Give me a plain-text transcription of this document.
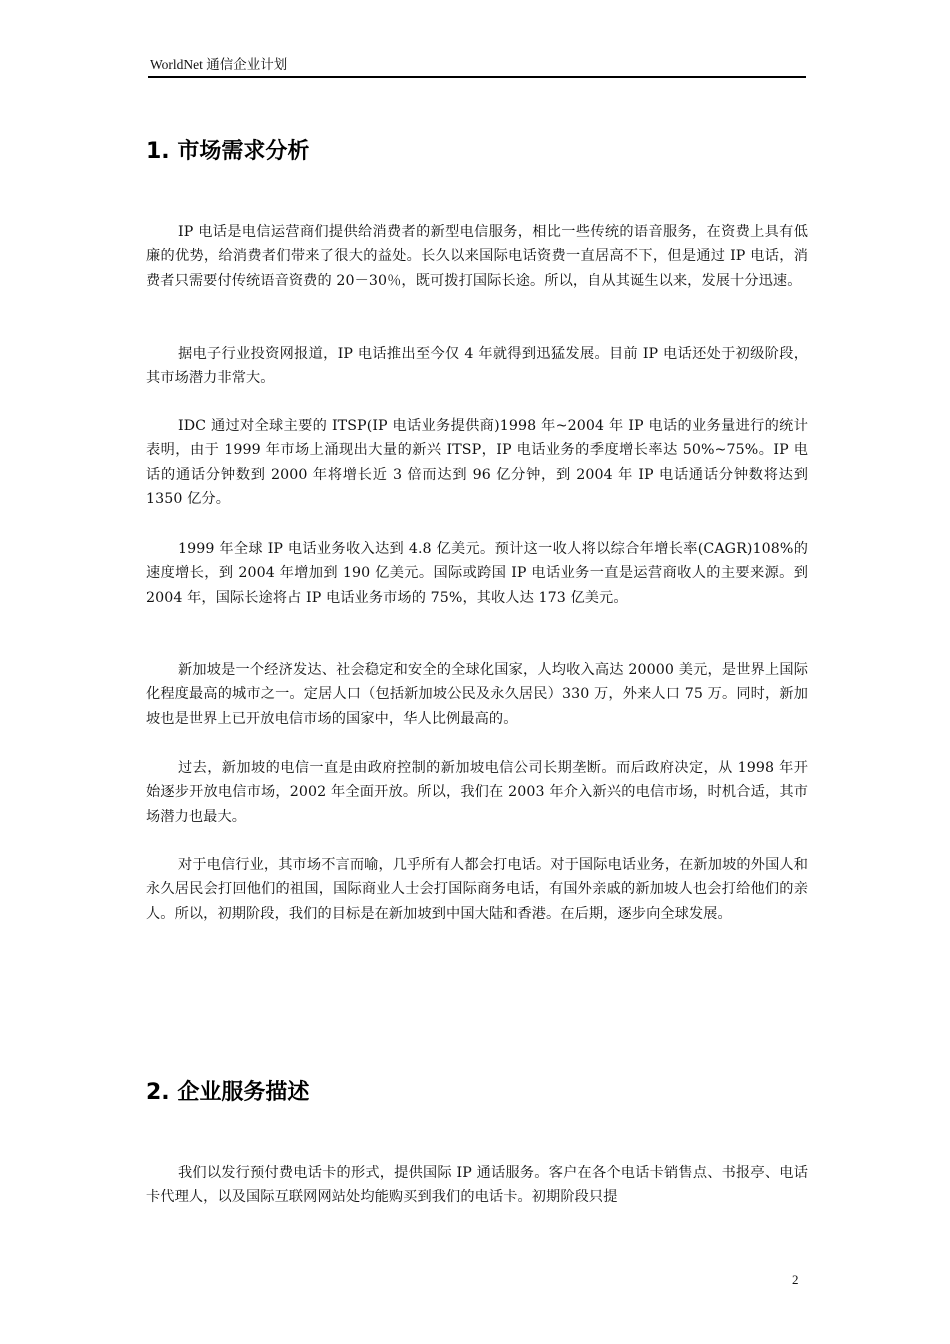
WorldNet 通信企业计划
1. 市场需求分析

IP 电话是电信运营商们提供给消费者的新型电信服务，相比一些传统的语音服务，在资费上具有低廉的优势，给消费者们带来了很大的益处。长久以来国际电话资费一直居高不下，但是通过 IP 电话，消费者只需要付传统语音资费的 20－30％，既可拨打国际长途。所以，自从其诞生以来，发展十分迅速。

据电子行业投资网报道，IP 电话推出至今仅 4 年就得到迅猛发展。目前 IP 电话还处于初级阶段，其市场潜力非常大。

IDC 通过对全球主要的 ITSP(IP 电话业务提供商)1998 年~2004 年 IP 电话的业务量进行的统计表明，由于 1999 年市场上涌现出大量的新兴 ITSP，IP 电话业务的季度增长率达 50%~75%。IP 电话的通话分钟数到 2000 年将增长近 3 倍而达到 96 亿分钟，到 2004 年 IP 电话通话分钟数将达到 1350 亿分。

1999 年全球 IP 电话业务收入达到 4.8 亿美元。预计这一收人将以综合年增长率(CAGR)108%的速度增长，到 2004 年增加到 190 亿美元。国际或跨国 IP 电话业务一直是运营商收人的主要来源。到 2004 年，国际长途将占 IP 电话业务市场的 75%，其收人达 173 亿美元。

新加坡是一个经济发达、社会稳定和安全的全球化国家，人均收入高达 20000 美元，是世界上国际化程度最高的城市之一。定居人口（包括新加坡公民及永久居民）330 万，外来人口 75 万。同时，新加坡也是世界上已开放电信市场的国家中，华人比例最高的。

过去，新加坡的电信一直是由政府控制的新加坡电信公司长期垄断。而后政府决定，从 1998 年开始逐步开放电信市场，2002 年全面开放。所以，我们在 2003 年介入新兴的电信市场，时机合适，其市场潜力也最大。

对于电信行业，其市场不言而喻，几乎所有人都会打电话。对于国际电话业务，在新加坡的外国人和永久居民会打回他们的祖国，国际商业人士会打国际商务电话，有国外亲戚的新加坡人也会打给他们的亲人。所以，初期阶段，我们的目标是在新加坡到中国大陆和香港。在后期，逐步向全球发展。

2. 企业服务描述

我们以发行预付费电话卡的形式，提供国际 IP 通话服务。客户在各个电话卡销售点、书报亭、电话卡代理人，以及国际互联网网站处均能购买到我们的电话卡。初期阶段只提

2
